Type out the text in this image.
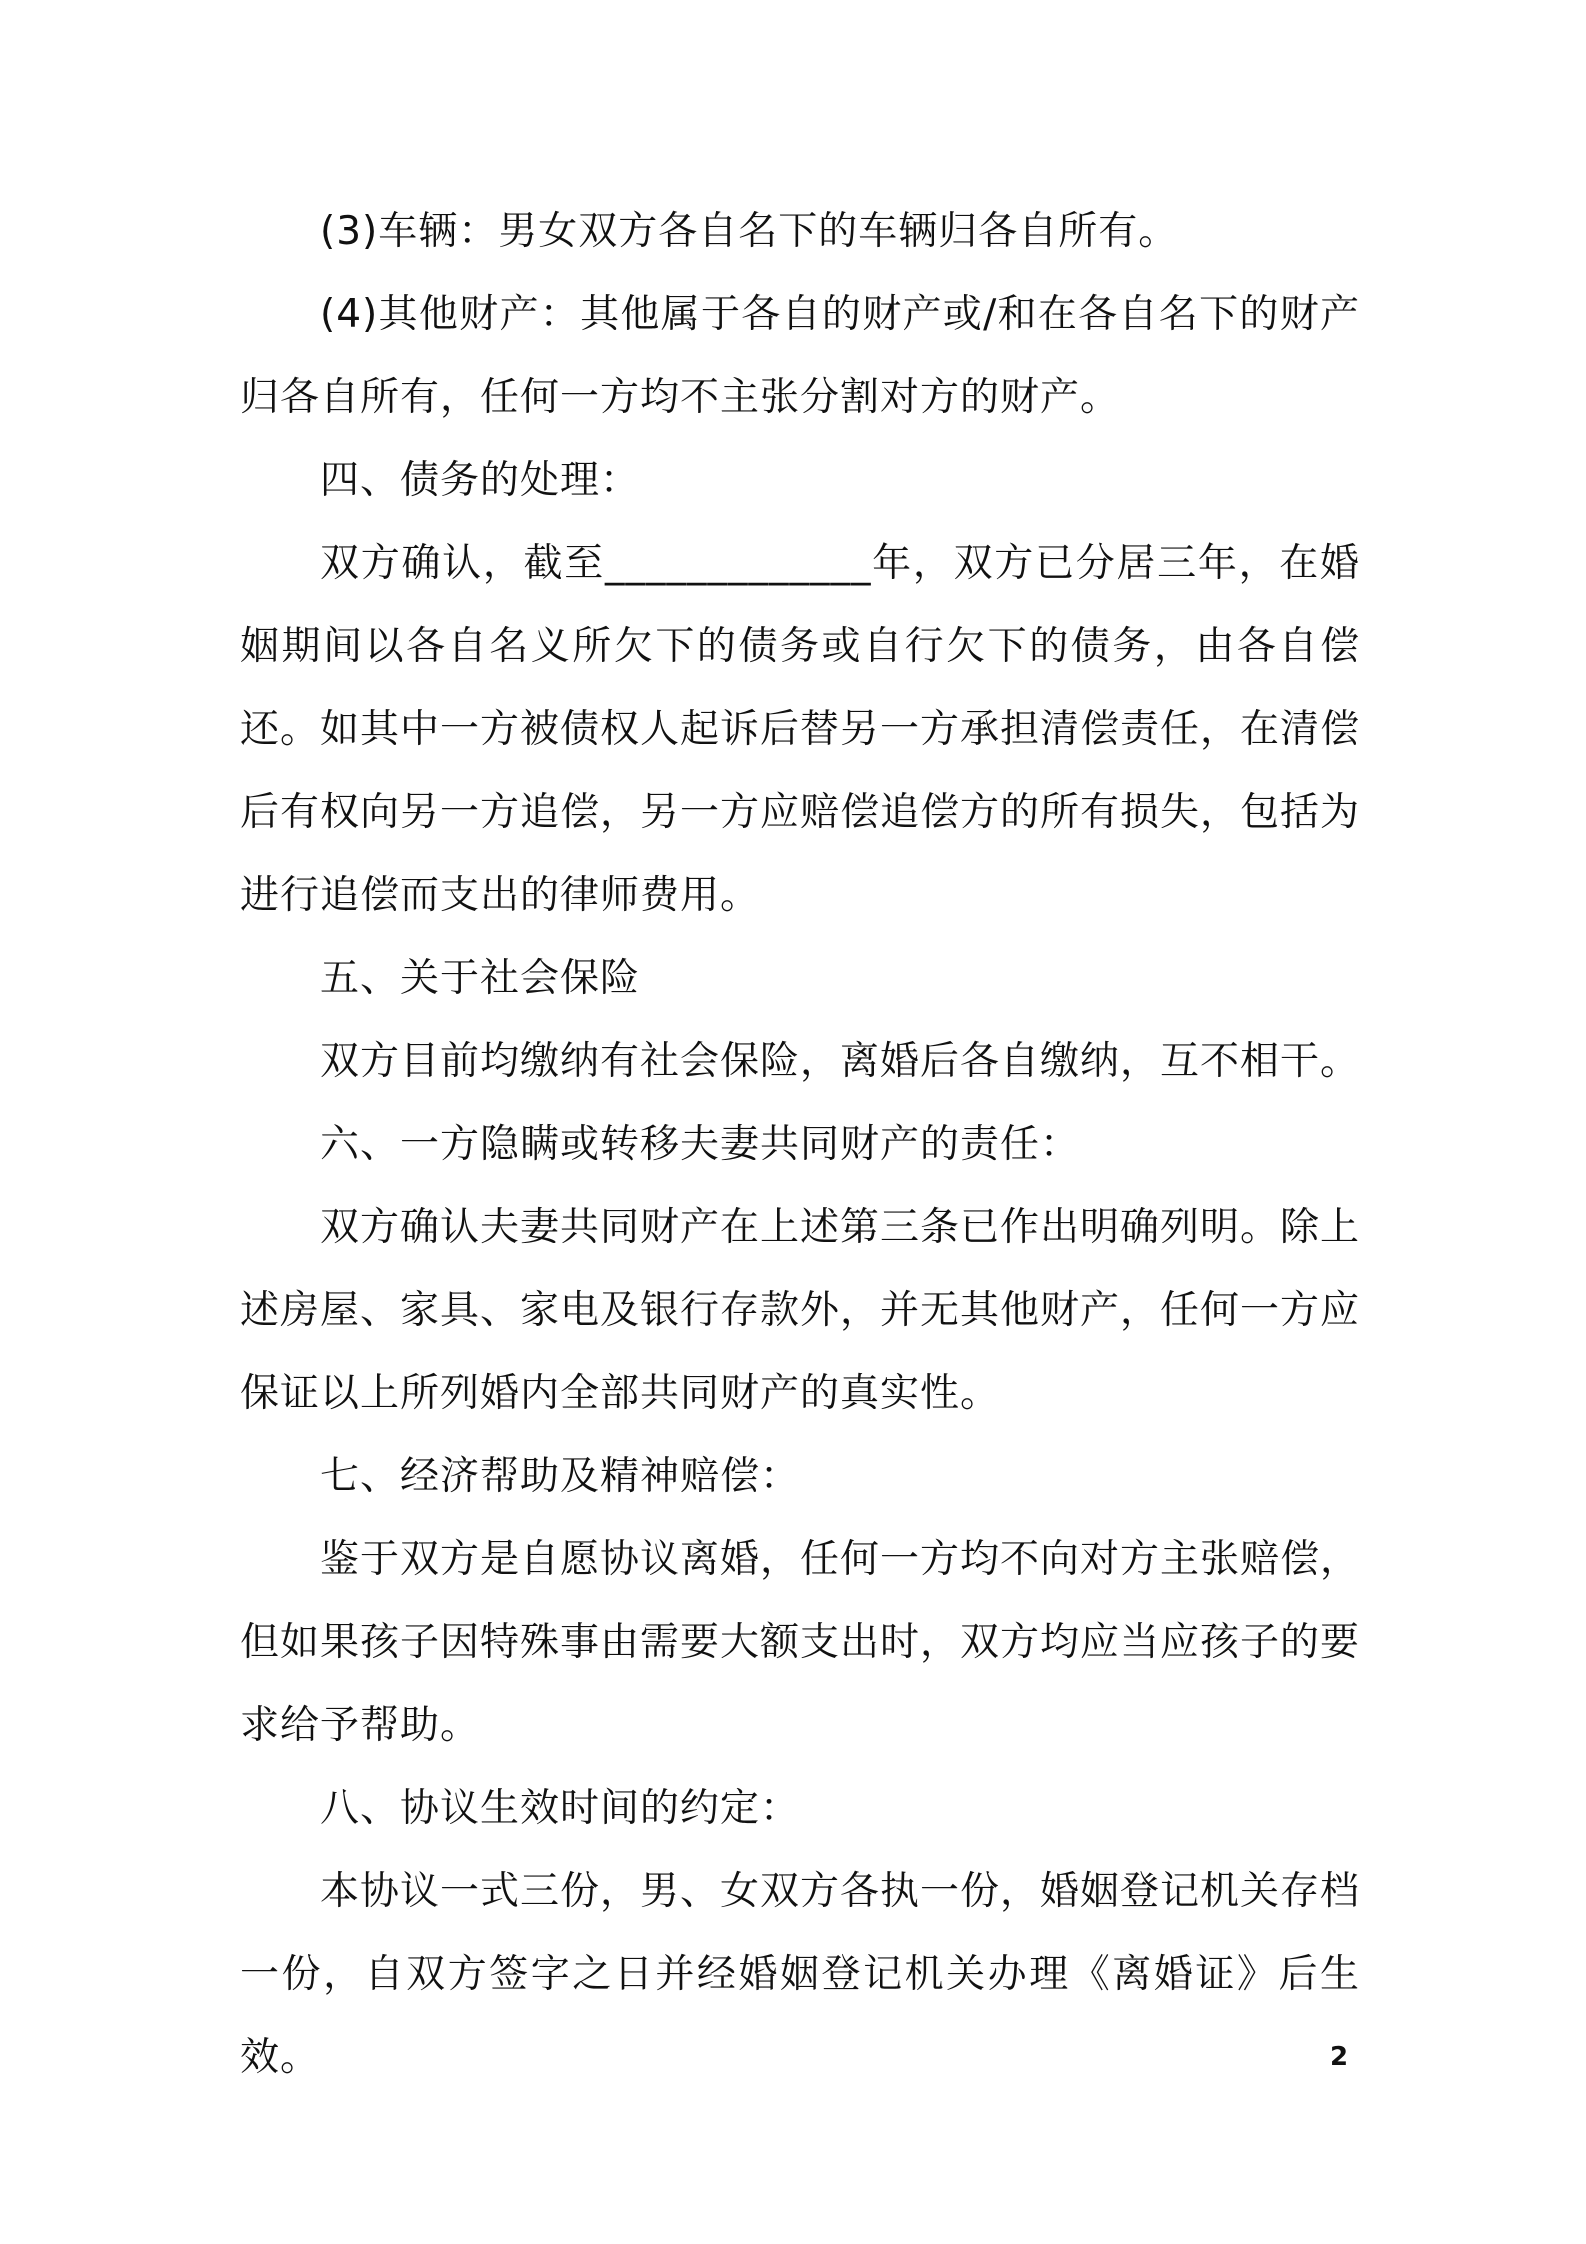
(3)车辆：男女双方各自名下的车辆归各自所有。

(4)其他财产：其他属于各自的财产或/和在各自名下的财产归各自所有，任何一方均不主张分割对方的财产。

四、债务的处理：

双方确认，截至_____________年，双方已分居三年，在婚姻期间以各自名义所欠下的债务或自行欠下的债务，由各自偿还。如其中一方被债权人起诉后替另一方承担清偿责任，在清偿后有权向另一方追偿，另一方应赔偿追偿方的所有损失，包括为进行追偿而支出的律师费用。

五、关于社会保险

双方目前均缴纳有社会保险，离婚后各自缴纳，互不相干。

六、一方隐瞒或转移夫妻共同财产的责任：

双方确认夫妻共同财产在上述第三条已作出明确列明。除上述房屋、家具、家电及银行存款外，并无其他财产，任何一方应保证以上所列婚内全部共同财产的真实性。

七、经济帮助及精神赔偿：

鉴于双方是自愿协议离婚，任何一方均不向对方主张赔偿，但如果孩子因特殊事由需要大额支出时，双方均应当应孩子的要求给予帮助。

八、协议生效时间的约定：

本协议一式三份，男、女双方各执一份，婚姻登记机关存档一份，自双方签字之日并经婚姻登记机关办理《离婚证》后生效。	2
